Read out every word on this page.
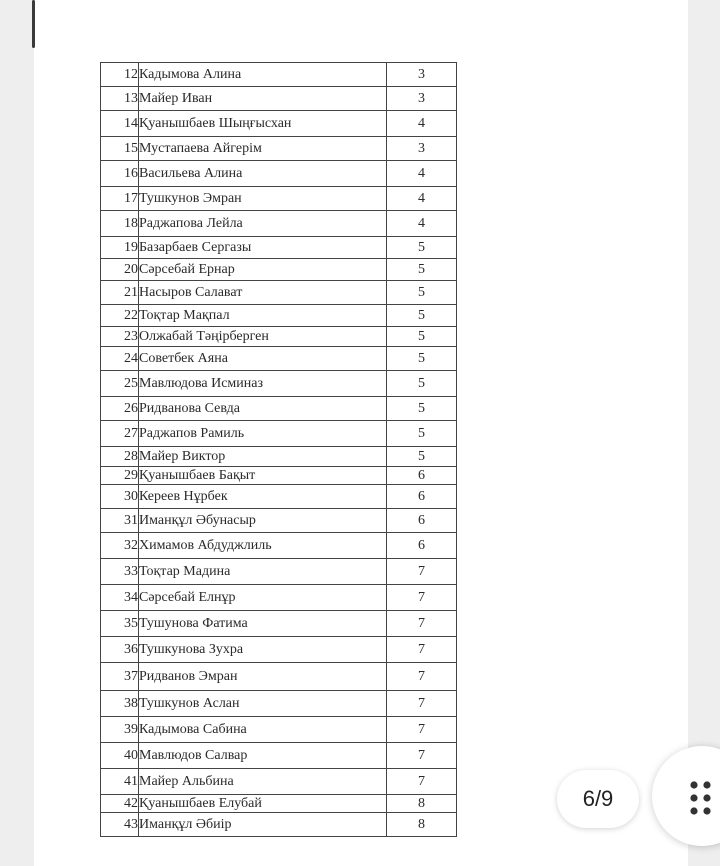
12	Кадымова Алина	3
13	Майер Иван	3
14	Қуанышбаев Шыңғысхан	4
15	Мустапаева Айгерім	3
16	Васильева Алина	4
17	Тушкунов Эмран	4
18	Раджапова Лейла	4
19	Базарбаев Сергазы	5
20	Сәрсебай Ернар	5
21	Насыров Салават	5
22	Тоқтар Мақпал	5
23	Олжабай Тәңірберген	5
24	Советбек Аяна	5
25	Мавлюдова Исминаз	5
26	Ридванова Севда	5
27	Раджапов Рамиль	5
28	Майер Виктор	5
29	Қуанышбаев Бақыт	6
30	Кереев Нұрбек	6
31	Иманқұл Әбунасыр	6
32	Химамов Абдуджлиль	6
33	Тоқтар Мадина	7
34	Сәрсебай Елнұр	7
35	Тушунова Фатима	7
36	Тушкунова Зухра	7
37	Ридванов Эмран	7
38	Тушкунов Аслан	7
39	Кадымова Сабина	7
40	Мавлюдов Салвар	7
41	Майер Альбина	7
42	Қуанышбаев Елубай	8
43	Иманқұл Әбиір	8
6/9
